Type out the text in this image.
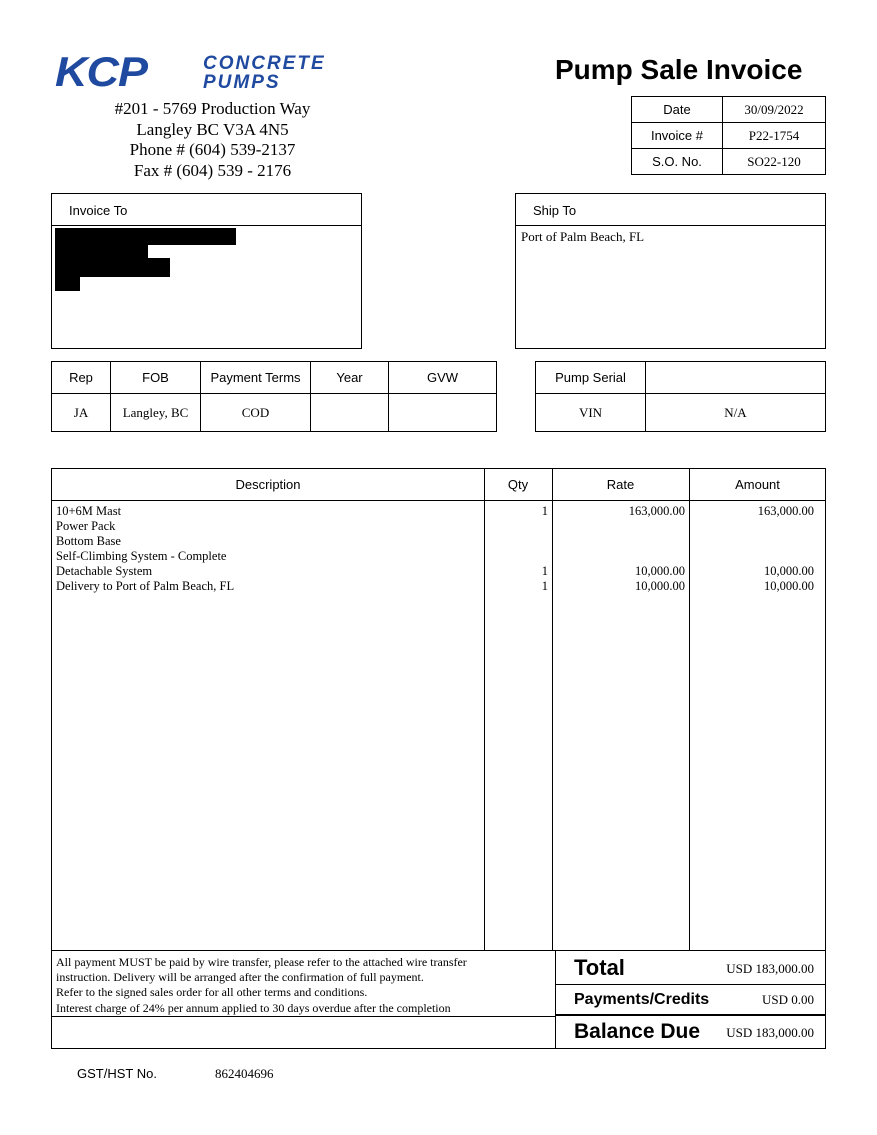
KCP	CONCRETE
PUMPS
#201 - 5769 Production Way
Langley BC V3A 4N5
Phone # (604) 539-2137
Fax # (604) 539 - 2176
Pump Sale Invoice
Date	30/09/2022
Invoice #	P22-1754
S.O. No.	SO22-120
Invoice To	Ship To
Port of Palm Beach, FL
Rep	FOB	Payment Terms	Year	GVW
JA	Langley, BC	COD		
Pump Serial	
VIN	N/A
Description	Qty	Rate	Amount
10+6M Mast	1	163,000.00	163,000.00
Power Pack
Bottom Base
Self-Climbing System - Complete
Detachable System	1	10,000.00	10,000.00
Delivery to Port of Palm Beach, FL	1	10,000.00	10,000.00
All payment MUST be paid by wire transfer, please refer to the attached wire transfer
instruction. Delivery will be arranged after the confirmation of full payment.
Refer to the signed sales order for all other terms and conditions.
Interest charge of 24% per annum applied to 30 days overdue after the completion
Total	USD 183,000.00
Payments/Credits	USD 0.00
Balance Due USD 183,000.00
GST/HST No.	862404696
